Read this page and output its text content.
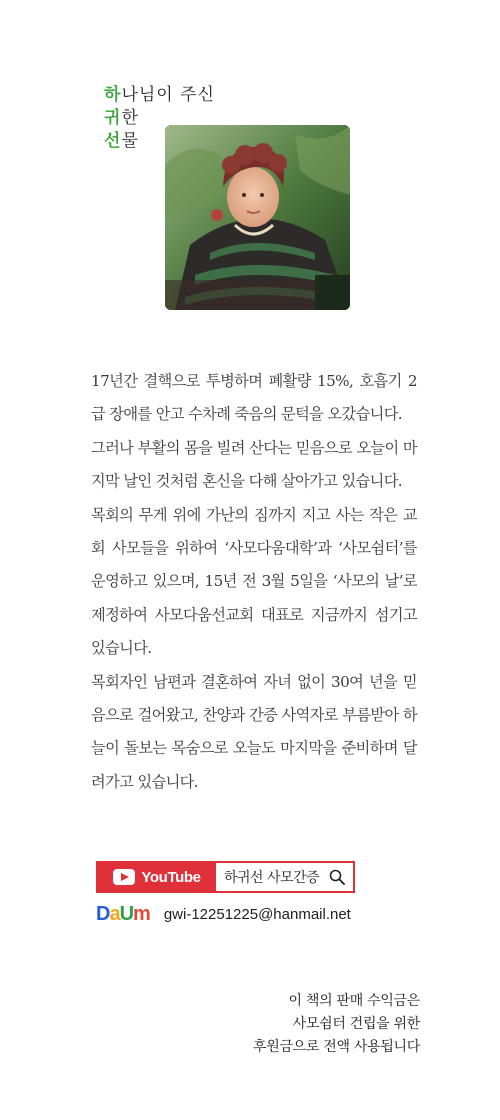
하나님이 주신
귀한
선물

17년간 결핵으로 투병하며 폐활량 15%, 호흡기 2급 장애를 안고 수차례 죽음의 문턱을 오갔습니다.

그러나 부활의 몸을 빌려 산다는 믿음으로 오늘이 마지막 날인 것처럼 혼신을 다해 살아가고 있습니다.

목회의 무게 위에 가난의 짐까지 지고 사는 작은 교회 사모들을 위하여 ‘사모다움대학’과 ‘사모쉼터’를 운영하고 있으며, 15년 전 3월 5일을 ‘사모의 날’로 제정하여 사모다움선교회 대표로 지금까지 섬기고 있습니다.

목회자인 남편과 결혼하여 자녀 없이 30여 년을 믿음으로 걸어왔고, 찬양과 간증 사역자로 부름받아 하늘이 돌보는 목숨으로 오늘도 마지막을 준비하며 달려가고 있습니다.

YouTube 하귀선 사모간증
DaUm gwi-12251225@hanmail.net
이 책의 판매 수익금은
사모쉼터 건립을 위한
후원금으로 전액 사용됩니다
